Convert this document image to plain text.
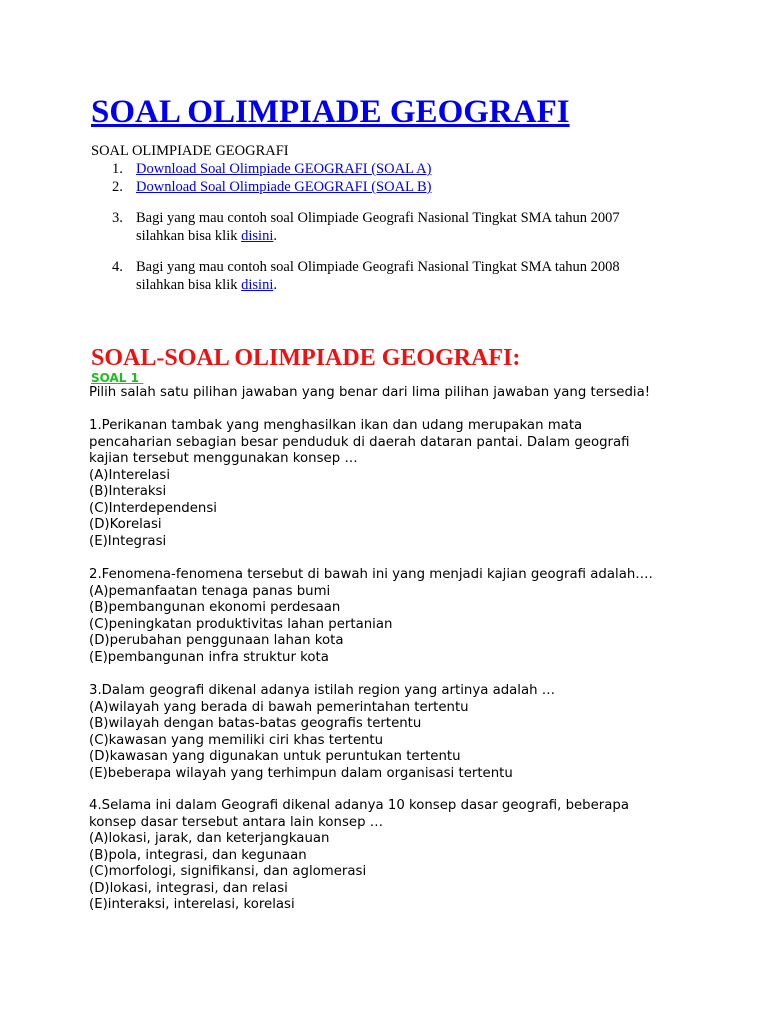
SOAL OLIMPIADE GEOGRAFI

SOAL OLIMPIADE GEOGRAFI

1. Download Soal Olimpiade GEOGRAFI (SOAL A)
2. Download Soal Olimpiade GEOGRAFI (SOAL B)
3. Bagi yang mau contoh soal Olimpiade Geografi Nasional Tingkat SMA tahun 2007
silahkan bisa klik disini.
4. Bagi yang mau contoh soal Olimpiade Geografi Nasional Tingkat SMA tahun 2008
silahkan bisa klik disini.
SOAL-SOAL OLIMPIADE GEOGRAFI:

SOAL 1

Pilih salah satu pilihan jawaban yang benar dari lima pilihan jawaban yang tersedia!

1.Perikanan tambak yang menghasilkan ikan dan udang merupakan mata

pencaharian sebagian besar penduduk di daerah dataran pantai. Dalam geografi

kajian tersebut menggunakan konsep …

(A)Interelasi

(B)Interaksi

(C)Interdependensi

(D)Korelasi

(E)Integrasi

2.Fenomena-fenomena tersebut di bawah ini yang menjadi kajian geografi adalah….

(A)pemanfaatan tenaga panas bumi

(B)pembangunan ekonomi perdesaan

(C)peningkatan produktivitas lahan pertanian

(D)perubahan penggunaan lahan kota

(E)pembangunan infra struktur kota

3.Dalam geografi dikenal adanya istilah region yang artinya adalah …

(A)wilayah yang berada di bawah pemerintahan tertentu

(B)wilayah dengan batas-batas geografis tertentu

(C)kawasan yang memiliki ciri khas tertentu

(D)kawasan yang digunakan untuk peruntukan tertentu

(E)beberapa wilayah yang terhimpun dalam organisasi tertentu

4.Selama ini dalam Geografi dikenal adanya 10 konsep dasar geografi, beberapa

konsep dasar tersebut antara lain konsep …

(A)lokasi, jarak, dan keterjangkauan

(B)pola, integrasi, dan kegunaan

(C)morfologi, signifikansi, dan aglomerasi

(D)lokasi, integrasi, dan relasi

(E)interaksi, interelasi, korelasi
